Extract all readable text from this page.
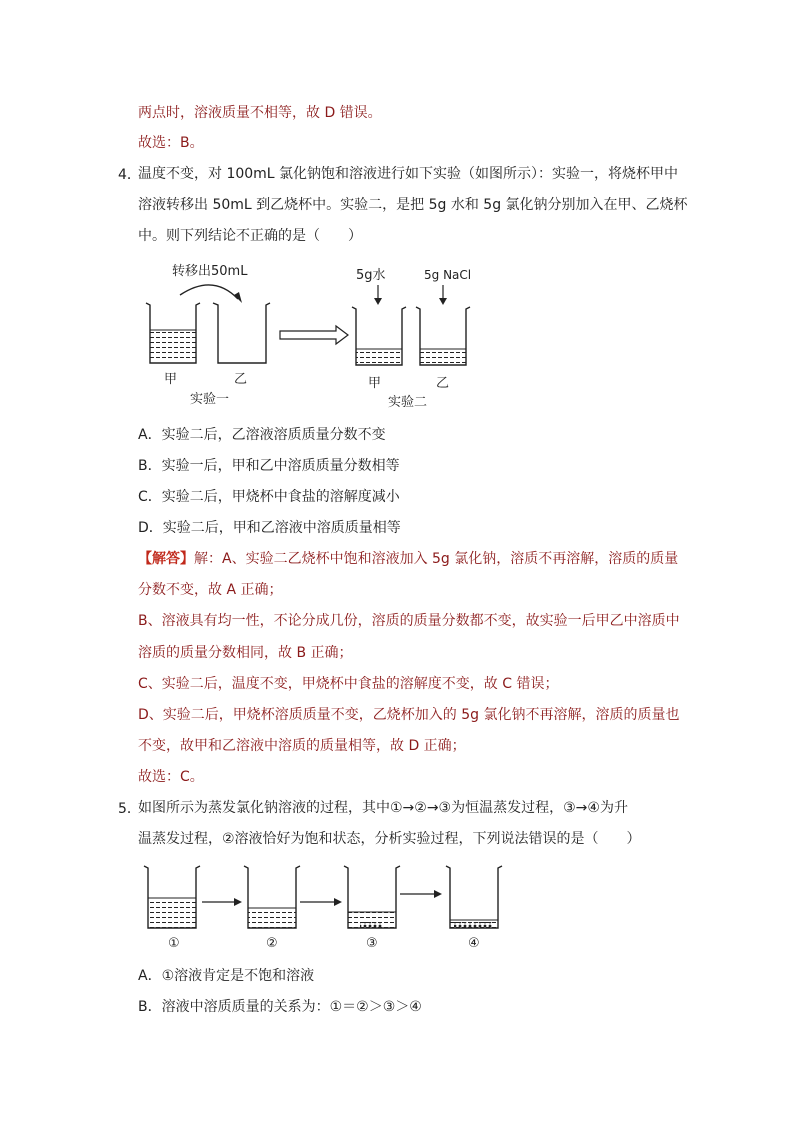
两点时，溶液质量不相等，故 D 错误。
故选：B。
4．
温度不变，对 100mL 氯化钠饱和溶液进行如下实验（如图所示）：实验一，将烧杯甲中
溶液转移出 50mL 到乙烧杯中。实验二，是把 5g 水和 5g 氯化钠分别加入在甲、乙烧杯
中。则下列结论不正确的是（　　）
转移出50mL
甲	乙
实验一
5g水	5g NaCl
甲	乙
实验二
A．实验二后，乙溶液溶质质量分数不变
B．实验一后，甲和乙中溶质质量分数相等
C．实验二后，甲烧杯中食盐的溶解度减小
D．实验二后，甲和乙溶液中溶质质量相等
【解答】解：A、实验二乙烧杯中饱和溶液加入 5g 氯化钠，溶质不再溶解，溶质的质量
分数不变，故 A 正确；
B、溶液具有均一性，不论分成几份，溶质的质量分数都不变，故实验一后甲乙中溶质中
溶质的质量分数相同，故 B 正确；
C、实验二后，温度不变，甲烧杯中食盐的溶解度不变，故 C 错误；
D、实验二后，甲烧杯溶质质量不变，乙烧杯加入的 5g 氯化钠不再溶解，溶质的质量也
不变，故甲和乙溶液中溶质的质量相等，故 D 正确；
故选：C。
5．
如图所示为蒸发氯化钠溶液的过程，其中①→②→③为恒温蒸发过程，③→④为升
温蒸发过程，②溶液恰好为饱和状态，分析实验过程，下列说法错误的是（　　）
①	②	③	④
A．①溶液肯定是不饱和溶液
B．溶液中溶质质量的关系为：①＝②＞③＞④
